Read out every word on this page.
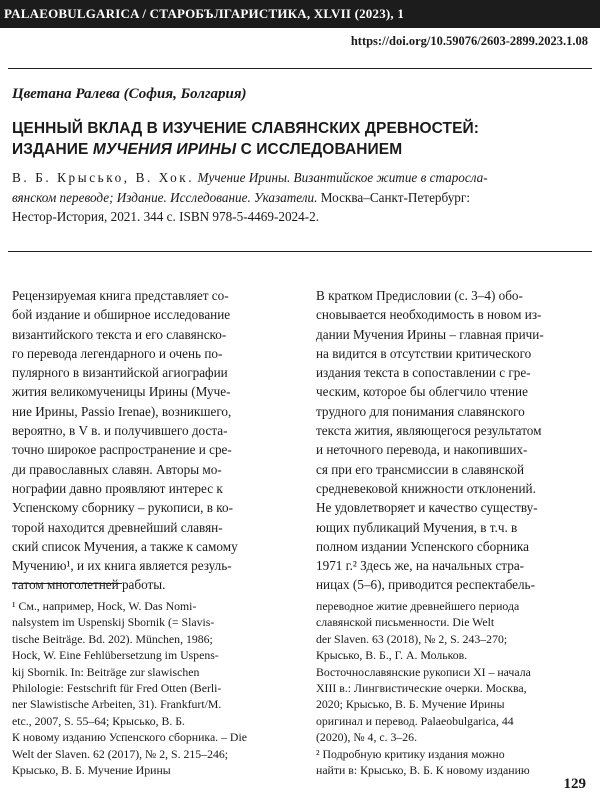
PALAEOBULGARICA / СТАРОБЪЛГАРИСТИКА, XLVII (2023), 1
https://doi.org/10.59076/2603-2899.2023.1.08
Цветана Ралева (София, Болгария)
ЦЕННЫЙ ВКЛАД В ИЗУЧЕНИЕ СЛАВЯНСКИХ ДРЕВНОСТЕЙ:
ИЗДАНИЕ МУЧЕНИЯ ИРИНЫ С ИССЛЕДОВАНИЕМ
В. Б. Крысько, В. Хок. Мучение Ирины. Византийское житие в старосла-
вянском переводе; Издание. Исследование. Указатели. Москва–Санкт-Петербург:
Нестор-История, 2021. 344 с. ISBN 978-5-4469-2024-2.
Рецензируемая книга представляет со-
бой издание и обширное исследование
византийского текста и его славянско-
го перевода легендарного и очень по-
пулярного в византийской агиографии
жития великомученицы Ирины (Муче-
ние Ирины, Passio Irenae), возникшего,
вероятно, в V в. и получившего доста-
точно широкое распространение и сре-
ди православных славян. Авторы мо-
нографии давно проявляют интерес к
Успенскому сборнику – рукописи, в ко-
торой находится древнейший славян-
ский список Мучения, а также к самому
Мучению¹, и их книга является резуль-
татом многолетней работы.
В кратком Предисловии (с. 3–4) обо-
сновывается необходимость в новом из-
дании Мучения Ирины – главная причи-
на видится в отсутствии критического
издания текста в сопоставлении с гре-
ческим, которое бы облегчило чтение
трудного для понимания славянского
текста жития, являющегося результатом
и неточного перевода, и накопивших-
ся при его трансмиссии в славянской
средневековой книжности отклонений.
Не удовлетворяет и качество существу-
ющих публикаций Мучения, в т.ч. в
полном издании Успенского сборника
1971 г.² Здесь же, на начальных стра-
ницах (5–6), приводится респектабель-
¹ См., например, Hock, W. Das Nomi-
nalsystem im Uspenskij Sbornik (= Slavis-
tische Beiträge. Bd. 202). München, 1986;
Hock, W. Eine Fehlübersetzung im Uspens-
kij Sbornik. In: Beiträge zur slawischen
Philologie: Festschrift für Fred Otten (Berli-
ner Slawistische Arbeiten, 31). Frankfurt/M.
etc., 2007, S. 55–64; Крысько, В. Б.
К новому изданию Успенского сборника. – Die
Welt der Slaven. 62 (2017), № 2, S. 215–246;
Крысько, В. Б. Мучение Ирины
переводное житие древнейшего периода
славянской письменности. Die Welt
der Slaven. 63 (2018), № 2, S. 243–270;
Крысько, В. Б., Г. А. Мольков.
Восточнославянские рукописи XI – начала
XIII в.: Лингвистические очерки. Москва,
2020; Крысько, В. Б. Мучение Ирины
оригинал и перевод. Palaeobulgarica, 44
(2020), № 4, с. 3–26.
² Подробную критику издания можно
найти в: Крысько, В. Б. К новому изданию
129
